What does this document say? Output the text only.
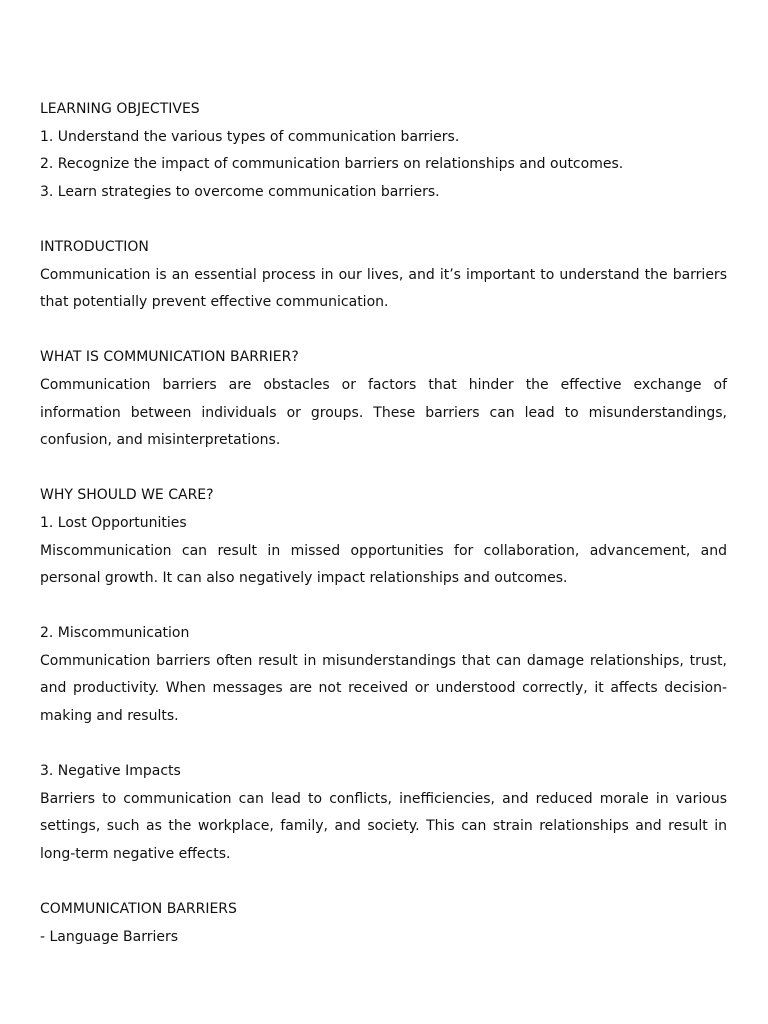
LEARNING OBJECTIVES

1. Understand the various types of communication barriers.

2. Recognize the impact of communication barriers on relationships and outcomes.

3. Learn strategies to overcome communication barriers.

INTRODUCTION

Communication is an essential process in our lives, and it’s important to understand the barriers that potentially prevent effective communication.

WHAT IS COMMUNICATION BARRIER?

Communication barriers are obstacles or factors that hinder the effective exchange of information between individuals or groups. These barriers can lead to misunderstandings, confusion, and misinterpretations.

WHY SHOULD WE CARE?

1. Lost Opportunities

Miscommunication can result in missed opportunities for collaboration, advancement, and personal growth. It can also negatively impact relationships and outcomes.

2. Miscommunication

Communication barriers often result in misunderstandings that can damage relationships, trust, and productivity. When messages are not received or understood correctly, it affects decision-making and results.

3. Negative Impacts

Barriers to communication can lead to conflicts, inefficiencies, and reduced morale in various settings, such as the workplace, family, and society. This can strain relationships and result in long-term negative effects.

COMMUNICATION BARRIERS

- Language Barriers
